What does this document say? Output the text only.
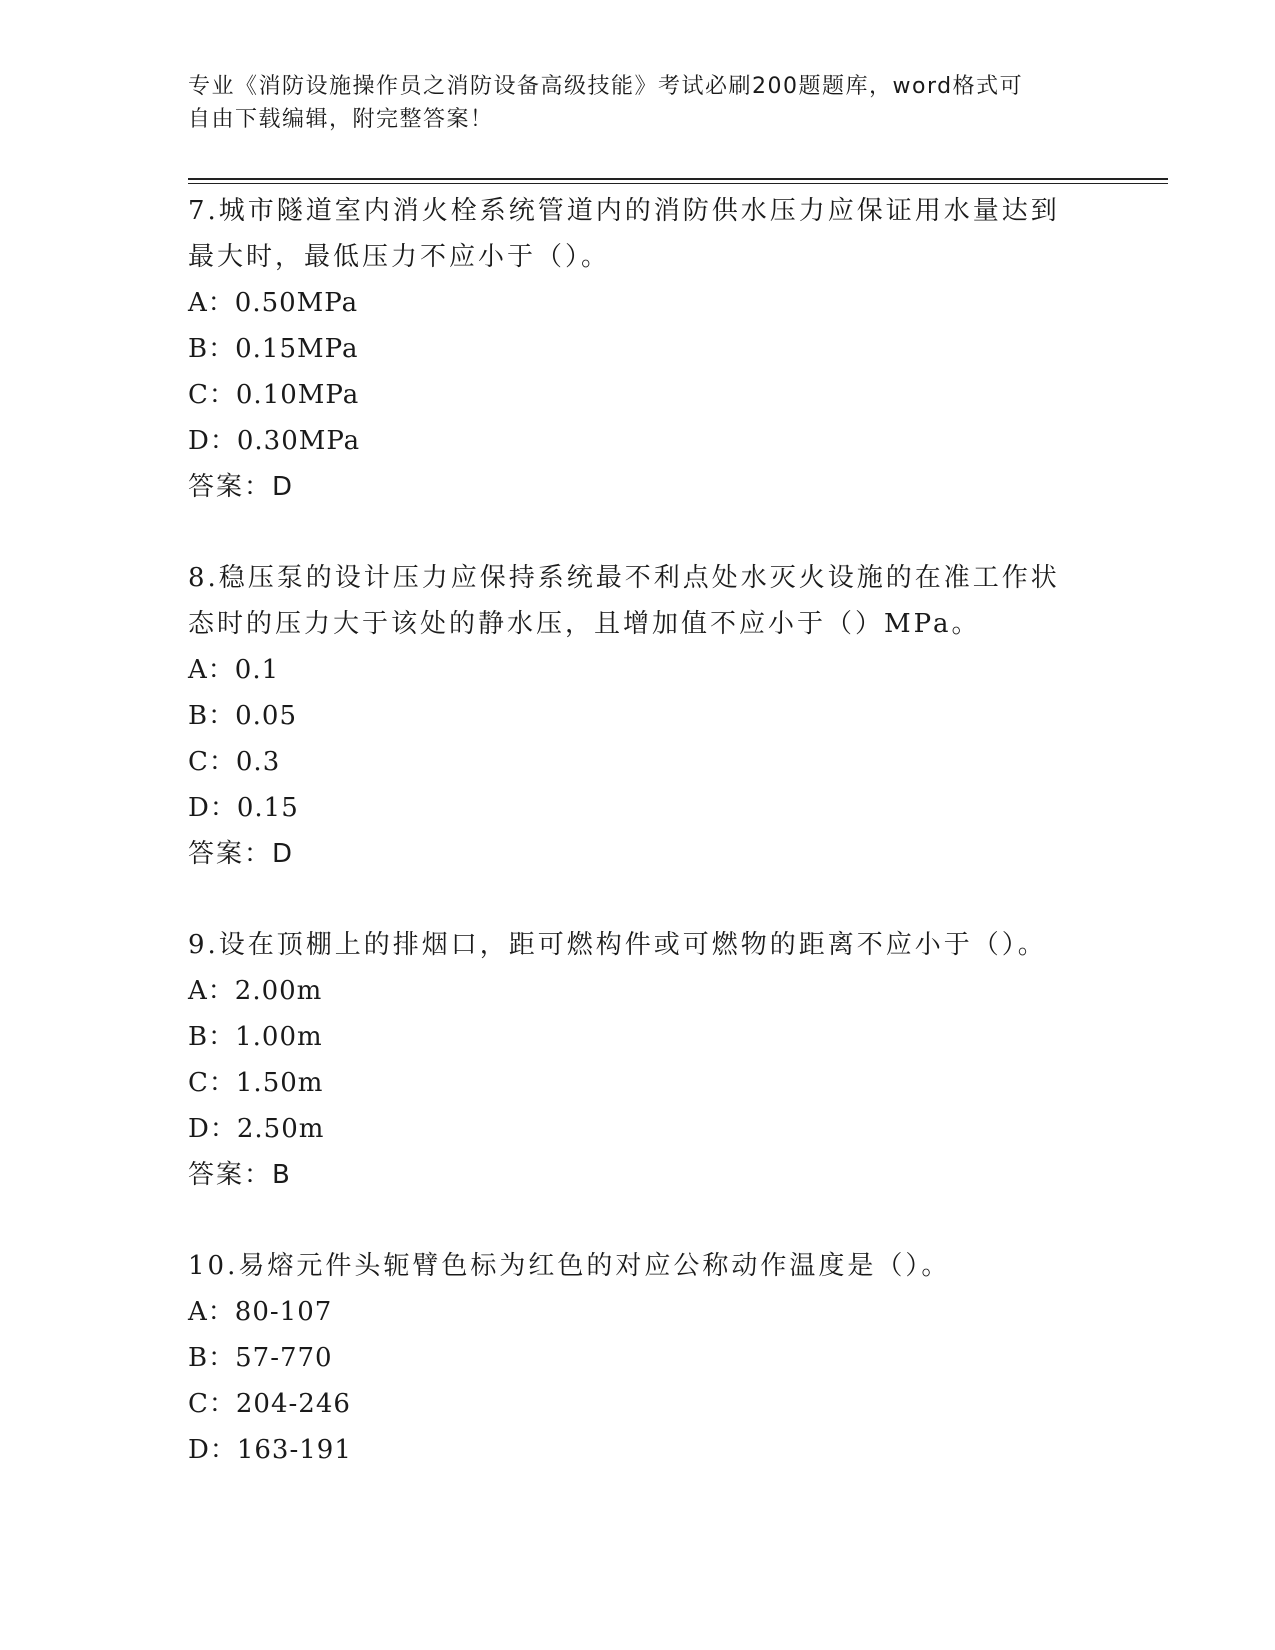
专业《消防设施操作员之消防设备高级技能》考试必刷200题题库，word格式可
自由下载编辑，附完整答案！
7.城市隧道室内消火栓系统管道内的消防供水压力应保证用水量达到
最大时，最低压力不应小于（）。
A：0.50MPa
B：0.15MPa
C：0.10MPa
D：0.30MPa
答案：D
8.稳压泵的设计压力应保持系统最不利点处水灭火设施的在准工作状
态时的压力大于该处的静水压，且增加值不应小于（）MPa。
A：0.1
B：0.05
C：0.3
D：0.15
答案：D
9.设在顶棚上的排烟口，距可燃构件或可燃物的距离不应小于（）。
A：2.00m
B：1.00m
C：1.50m
D：2.50m
答案：B
10.易熔元件头轭臂色标为红色的对应公称动作温度是（）。
A：80-107
B：57-770
C：204-246
D：163-191
